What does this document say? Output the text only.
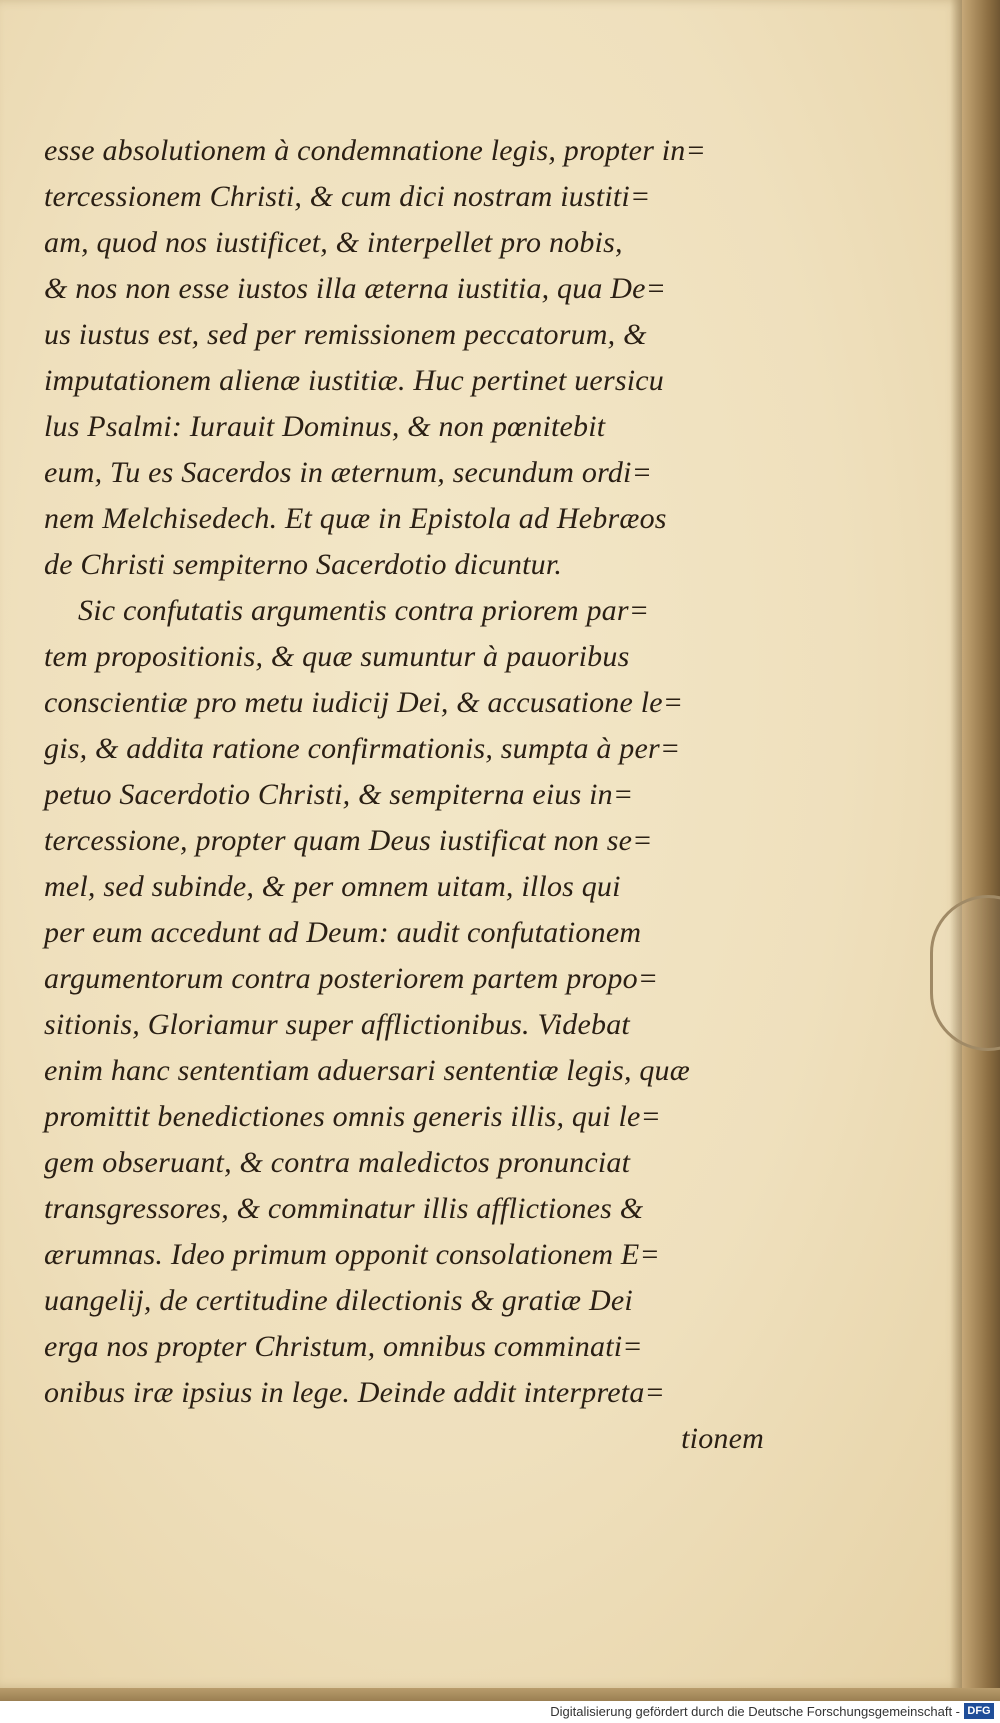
esse absolutionem à condemnatione legis, propter in=
tercessionem Christi, & cum dici nostram iustiti=
am, quod nos iustificet, & interpellet pro nobis,
& nos non esse iustos illa æterna iustitia, qua De=
us iustus est, sed per remissionem peccatorum, &
imputationem alienæ iustitiæ. Huc pertinet uersicu
lus Psalmi: Iurauit Dominus, & non pœnitebit
eum, Tu es Sacerdos in æternum, secundum ordi=
nem Melchisedech. Et quæ in Epistola ad Hebræos
de Christi sempiterno Sacerdotio dicuntur.
Sic confutatis argumentis contra priorem par=
tem propositionis, & quæ sumuntur à pauoribus
conscientiæ pro metu iudicij Dei, & accusatione le=
gis, & addita ratione confirmationis, sumpta à per=
petuo Sacerdotio Christi, & sempiterna eius in=
tercessione, propter quam Deus iustificat non se=
mel, sed subinde, & per omnem uitam, illos qui
per eum accedunt ad Deum: audit confutationem
argumentorum contra posteriorem partem propo=
sitionis, Gloriamur super afflictionibus. Videbat
enim hanc sententiam aduersari sententiæ legis, quæ
promittit benedictiones omnis generis illis, qui le=
gem obseruant, & contra maledictos pronunciat
transgressores, & comminatur illis afflictiones &
ærumnas. Ideo primum opponit consolationem E=
uangelij, de certitudine dilectionis & gratiæ Dei
erga nos propter Christum, omnibus comminati=
onibus iræ ipsius in lege. Deinde addit interpreta=
tionem
Digitalisierung gefördert durch die Deutsche Forschungsgemeinschaft - DFG
